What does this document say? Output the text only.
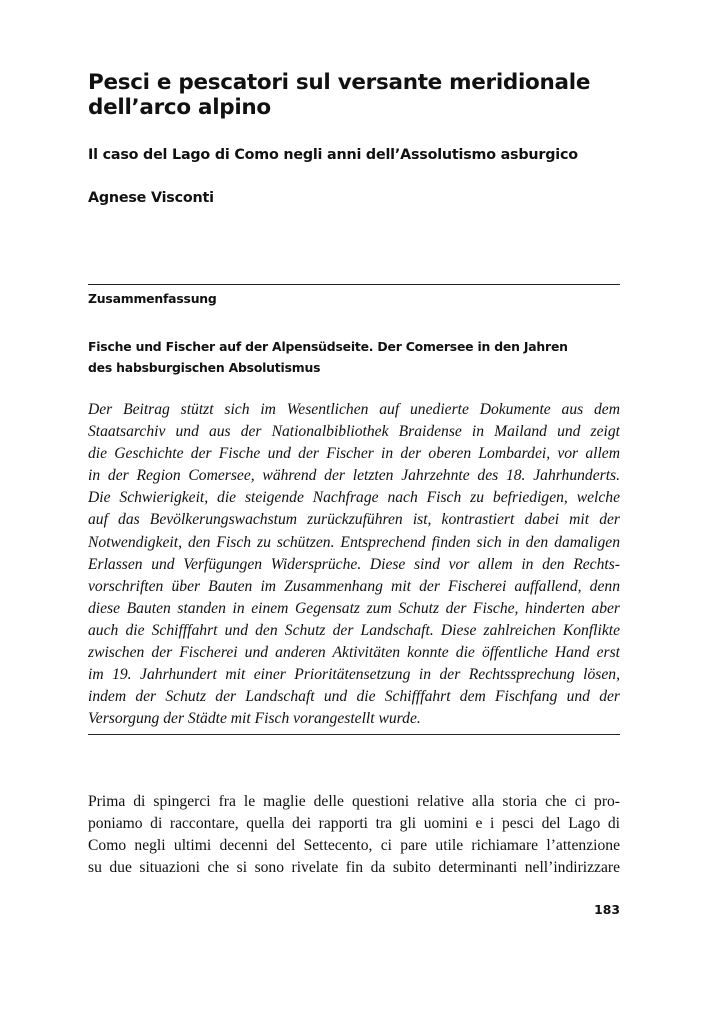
Pesci e pescatori sul versante meridionale
dell’arco alpino
Il caso del Lago di Como negli anni dell’Assolutismo asburgico

Agnese Visconti

Zusammenfassung
Fische und Fischer auf der Alpensüdseite. Der Comersee in den Jahren
des habsburgischen Absolutismus
Der Beitrag stützt sich im Wesentlichen auf unedierte Dokumente aus dem
Staatsarchiv und aus der Nationalbibliothek Braidense in Mailand und zeigt
die Geschichte der Fische und der Fischer in der oberen Lombardei, vor allem
in der Region Comersee, während der letzten Jahrzehnte des 18. Jahrhunderts.
Die Schwierigkeit, die steigende Nachfrage nach Fisch zu befriedigen, welche
auf das Bevölkerungswachstum zurückzuführen ist, kontrastiert dabei mit der
Notwendigkeit, den Fisch zu schützen. Entsprechend finden sich in den damaligen
Erlassen und Verfügungen Widersprüche. Diese sind vor allem in den Rechts-
vorschriften über Bauten im Zusammenhang mit der Fischerei auffallend, denn
diese Bauten standen in einem Gegensatz zum Schutz der Fische, hinderten aber
auch die Schifffahrt und den Schutz der Landschaft. Diese zahlreichen Konflikte
zwischen der Fischerei und anderen Aktivitäten konnte die öffentliche Hand erst
im 19. Jahrhundert mit einer Prioritätensetzung in der Rechtssprechung lösen,
indem der Schutz der Landschaft und die Schifffahrt dem Fischfang und der
Versorgung der Städte mit Fisch vorangestellt wurde.
Prima di spingerci fra le maglie delle questioni relative alla storia che ci pro-
poniamo di raccontare, quella dei rapporti tra gli uomini e i pesci del Lago di
Como negli ultimi decenni del Settecento, ci pare utile richiamare l’attenzione
su due situazioni che si sono rivelate fin da subito determinanti nell’indirizzare

183
